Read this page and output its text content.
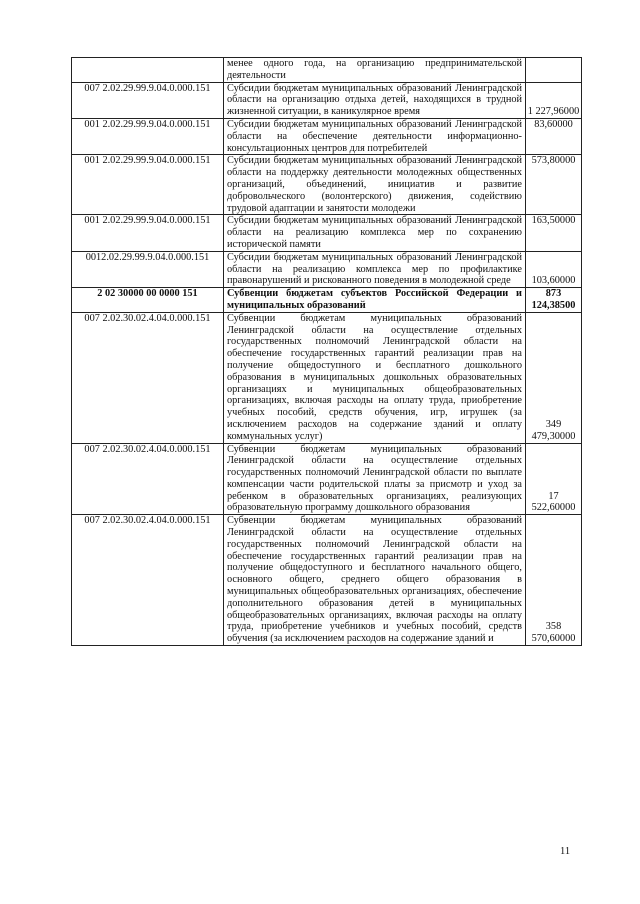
	менее одного года, на организацию предпринимательской деятельности	
007 2.02.29.99.9.04.0.000.151	Субсидии бюджетам муниципальных образований Ленинградской области на организацию отдыха детей, находящихся в трудной жизненной ситуации, в каникулярное время	1 227,96000
001 2.02.29.99.9.04.0.000.151	Субсидии бюджетам муниципальных образований Ленинградской области на обеспечение деятельности информационно-консультационных центров для потребителей	83,60000
001 2.02.29.99.9.04.0.000.151	Субсидии бюджетам муниципальных образований Ленинградской области на поддержку деятельности молодежных общественных организаций, объединений, инициатив и развитие добровольческого (волонтерского) движения, содействию трудовой адаптации и занятости молодежи	573,80000
001 2.02.29.99.9.04.0.000.151	Субсидии бюджетам муниципальных образований Ленинградской области на реализацию комплекса мер по сохранению исторической памяти	163,50000
0012.02.29.99.9.04.0.000.151	Субсидии бюджетам муниципальных образований Ленинградской области на реализацию комплекса мер по профилактике правонарушений и рискованного поведения в молодежной среде	103,60000
2 02 30000 00 0000 151	Субвенции бюджетам субъектов Российской Федерации и муниципальных образований	873 124,38500
007 2.02.30.02.4.04.0.000.151	Субвенции бюджетам муниципальных образований Ленинградской области на осуществление отдельных государственных полномочий Ленинградской области на обеспечение государственных гарантий реализации прав на получение общедоступного и бесплатного дошкольного образования в муниципальных дошкольных образовательных организациях и муниципальных общеобразовательных организациях, включая расходы на оплату труда, приобретение учебных пособий, средств обучения, игр, игрушек (за исключением расходов на содержание зданий и оплату коммунальных услуг)	349 479,30000
007 2.02.30.02.4.04.0.000.151	Субвенции бюджетам муниципальных образований Ленинградской области на осуществление отдельных государственных полномочий Ленинградской области по выплате компенсации части родительской платы за присмотр и уход за ребенком в образовательных организациях, реализующих образовательную программу дошкольного образования	17 522,60000
007 2.02.30.02.4.04.0.000.151	Субвенции бюджетам муниципальных образований Ленинградской области на осуществление отдельных государственных полномочий Ленинградской области на обеспечение государственных гарантий реализации прав на получение общедоступного и бесплатного начального общего, основного общего, среднего общего образования в муниципальных общеобразовательных организациях, обеспечение дополнительного образования детей в муниципальных общеобразовательных организациях, включая расходы на оплату труда, приобретение учебников и учебных пособий, средств обучения (за исключением расходов на содержание зданий и	358 570,60000
11
